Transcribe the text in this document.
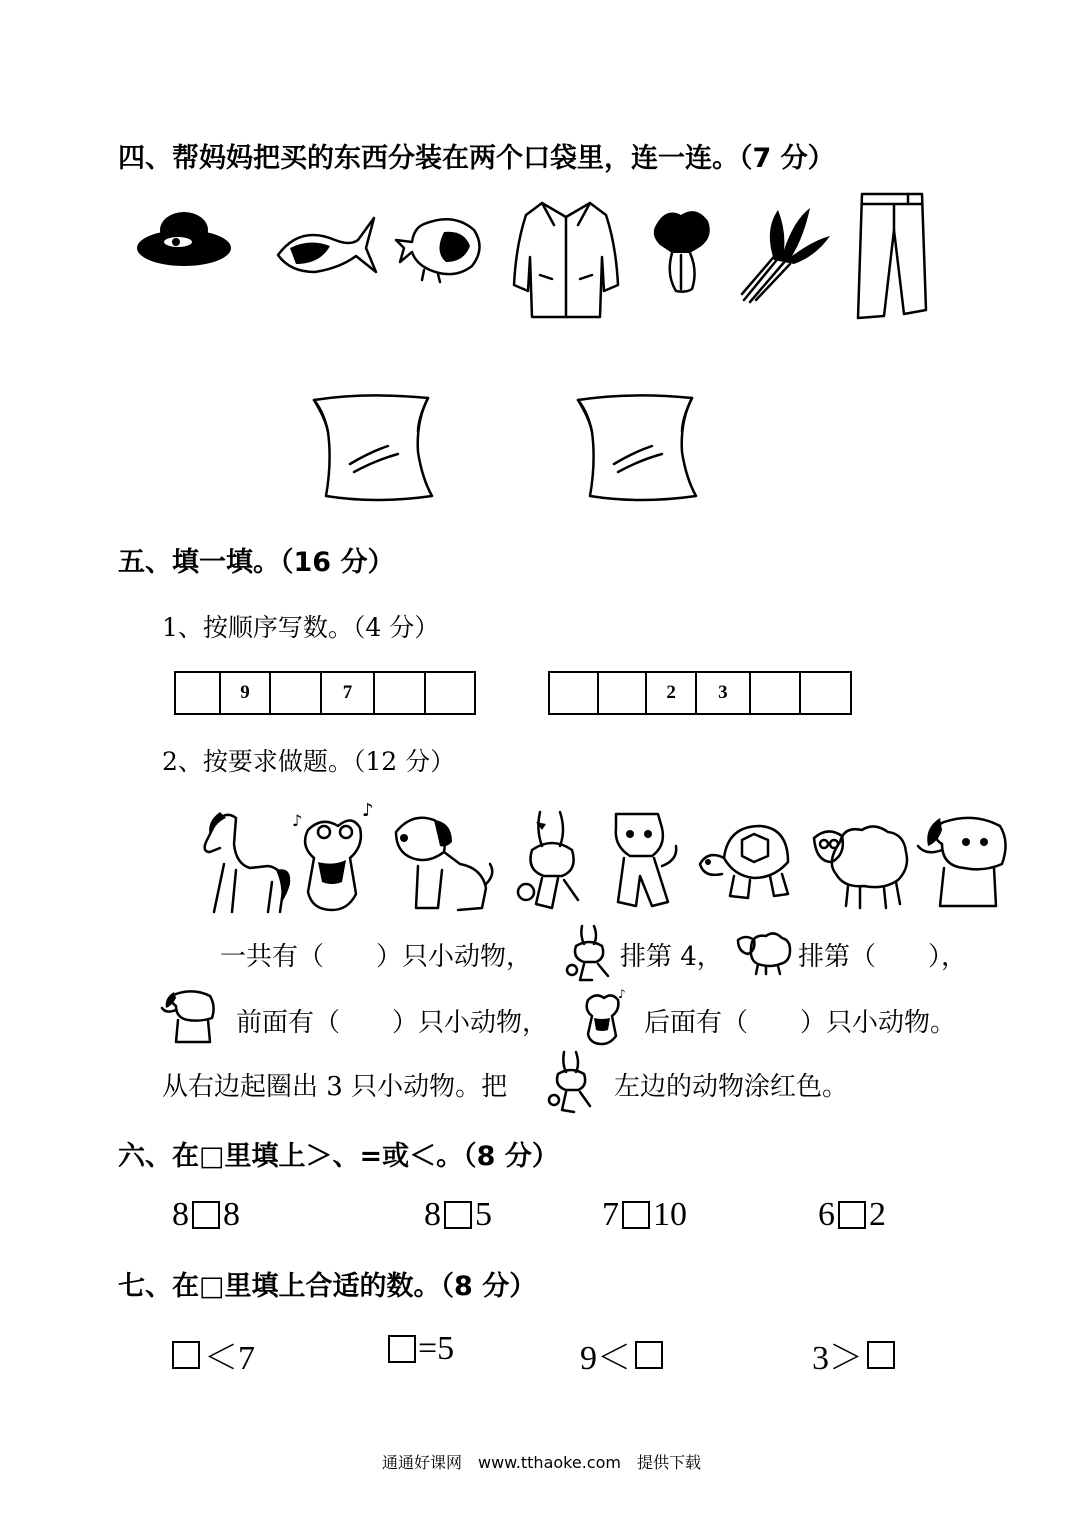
四、帮妈妈把买的东西分装在两个口袋里，连一连。（7 分）
五、填一填。（16 分）
1、按顺序写数。（4 分）
9	7	2	3
2、按要求做题。（12 分）
♪
♪
一共有（　　）只小动物，	排第 4，	排第（　　），
前面有（　　）只小动物，
♪
后面有（　　）只小动物。
从右边起圈出 3 只小动物。把	左边的动物涂红色。
六、在□里填上＞、=或＜。（8 分）
8 8	8 5	7 10	6 2
七、在□里填上合适的数。（8 分）
＜7	=5	9＜	3＞
通通好课网　www.tthaoke.com　提供下载
